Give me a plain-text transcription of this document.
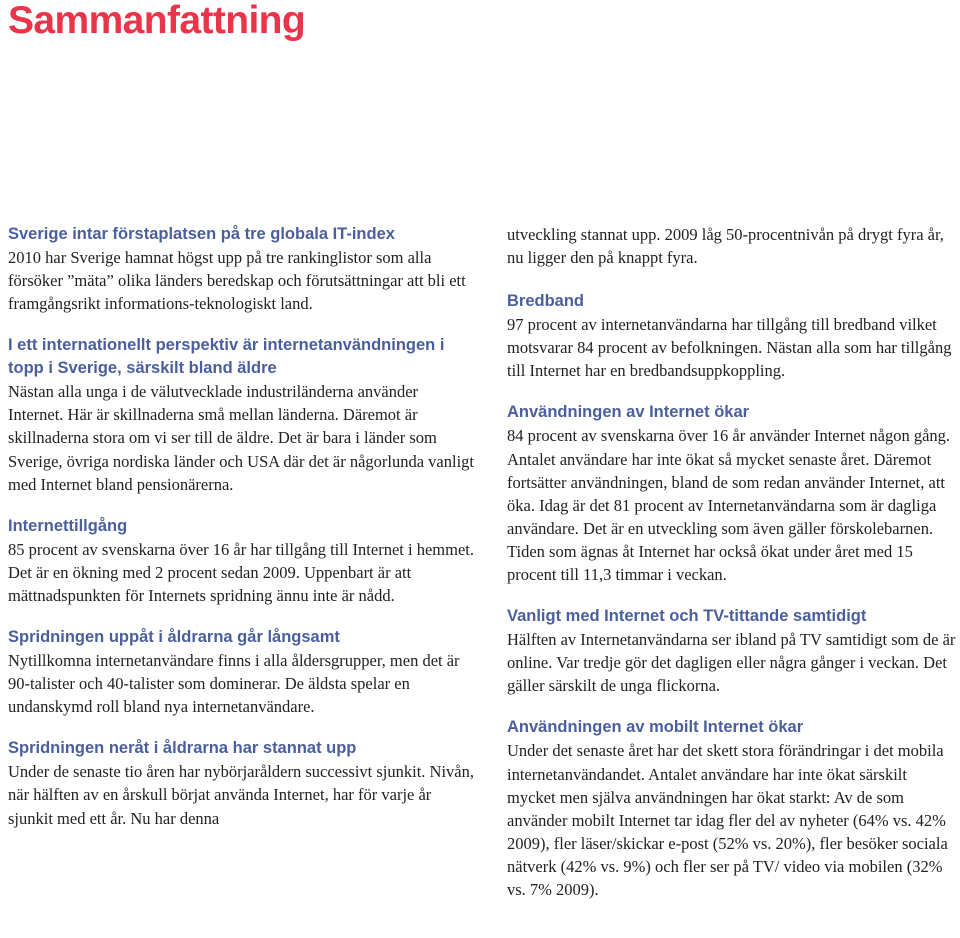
Sammanfattning

Sverige intar förstaplatsen på tre globala IT-index

2010 har Sverige hamnat högst upp på tre rankinglistor som alla försöker ”mäta” olika länders beredskap och förutsättningar att bli ett framgångsrikt informations-teknologiskt land.

I ett internationellt perspektiv är internetanvändningen i topp i Sverige, särskilt bland äldre

Nästan alla unga i de välutvecklade industriländerna använder Internet. Här är skillnaderna små mellan länderna. Däremot är skillnaderna stora om vi ser till de äldre. Det är bara i länder som Sverige, övriga nordiska länder och USA där det är någorlunda vanligt med Internet bland pensionärerna.

Internettillgång

85 procent av svenskarna över 16 år har tillgång till Internet i hemmet. Det är en ökning med 2 procent sedan 2009. Uppenbart är att mättnadspunkten för Internets spridning ännu inte är nådd.

Spridningen uppåt i åldrarna går långsamt

Nytillkomna internetanvändare finns i alla åldersgrupper, men det är 90-talister och 40-talister som dominerar. De äldsta spelar en undanskymd roll bland nya internetanvändare.

Spridningen neråt i åldrarna har stannat upp

Under de senaste tio åren har nybörjaråldern successivt sjunkit. Nivån, när hälften av en årskull börjat använda Internet, har för varje år sjunkit med ett år. Nu har denna

utveckling stannat upp. 2009 låg 50-procentnivån på drygt fyra år, nu ligger den på knappt fyra.

Bredband

97 procent av internetanvändarna har tillgång till bredband vilket motsvarar 84 procent av befolkningen. Nästan alla som har tillgång till Internet har en bredbandsuppkoppling.

Användningen av Internet ökar

84 procent av svenskarna över 16 år använder Internet någon gång. Antalet användare har inte ökat så mycket senaste året. Däremot fortsätter användningen, bland de som redan använder Internet, att öka. Idag är det 81 procent av Internetanvändarna som är dagliga användare. Det är en utveckling som även gäller förskolebarnen. Tiden som ägnas åt Internet har också ökat under året med 15 procent till 11,3 timmar i veckan.

Vanligt med Internet och TV-tittande samtidigt

Hälften av Internetanvändarna ser ibland på TV samtidigt som de är online. Var tredje gör det dagligen eller några gånger i veckan. Det gäller särskilt de unga flickorna.

Användningen av mobilt Internet ökar

Under det senaste året har det skett stora förändringar i det mobila internetanvändandet. Antalet användare har inte ökat särskilt mycket men själva användningen har ökat starkt: Av de som använder mobilt Internet tar idag fler del av nyheter (64% vs. 42% 2009), fler läser/skickar e-post (52% vs. 20%), fler besöker sociala nätverk (42% vs. 9%) och fler ser på TV/ video via mobilen (32% vs. 7% 2009).
